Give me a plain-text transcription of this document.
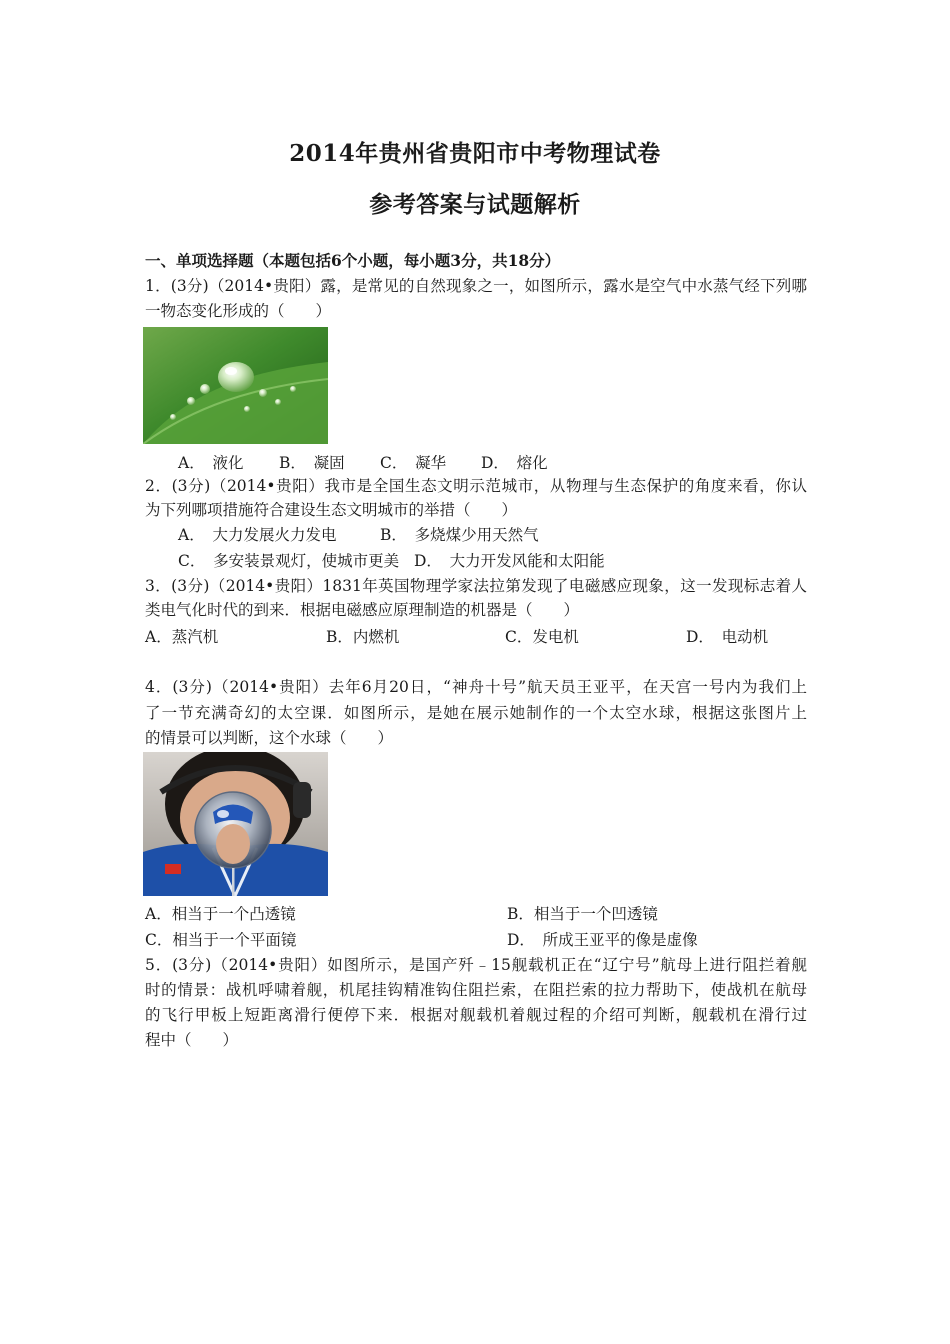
2014年贵州省贵阳市中考物理试卷
参考答案与试题解析
一、单项选择题（本题包括6个小题，每小题3分，共18分）
1．(3分)（2014•贵阳）露，是常见的自然现象之一，如图所示，露水是空气中水蒸气经下列哪
一物态变化形成的（　　）
A．　液化 B．　凝固 C．　凝华 D．　熔化
2．(3分)（2014•贵阳）我市是全国生态文明示范城市，从物理与生态保护的角度来看，你认
为下列哪项措施符合建设生态文明城市的举措（　　）
A．　大力发展火力发电	B．　多烧煤少用天然气
C．　多安装景观灯，使城市更美 D．　大力开发风能和太阳能
3．(3分)（2014•贵阳）1831年英国物理学家法拉第发现了电磁感应现象，这一发现标志着人
类电气化时代的到来．根据电磁感应原理制造的机器是（　　）
A．蒸汽机	B．内燃机	C．发电机	D．　电动机
4．(3分)（2014•贵阳）去年6月20日，“神舟十号”航天员王亚平，在天宫一号内为我们上
了一节充满奇幻的太空课．如图所示，是她在展示她制作的一个太空水球，根据这张图片上
的情景可以判断，这个水球（　　）
A．相当于一个凸透镜	B．相当于一个凹透镜
C．相当于一个平面镜	D．　所成王亚平的像是虚像
5．(3分)（2014•贵阳）如图所示，是国产歼﹣15舰载机正在“辽宁号”航母上进行阻拦着舰
时的情景：战机呼啸着舰，机尾挂钩精准钩住阻拦索，在阻拦索的拉力帮助下，使战机在航母
的飞行甲板上短距离滑行便停下来．根据对舰载机着舰过程的介绍可判断，舰载机在滑行过
程中（　　）
